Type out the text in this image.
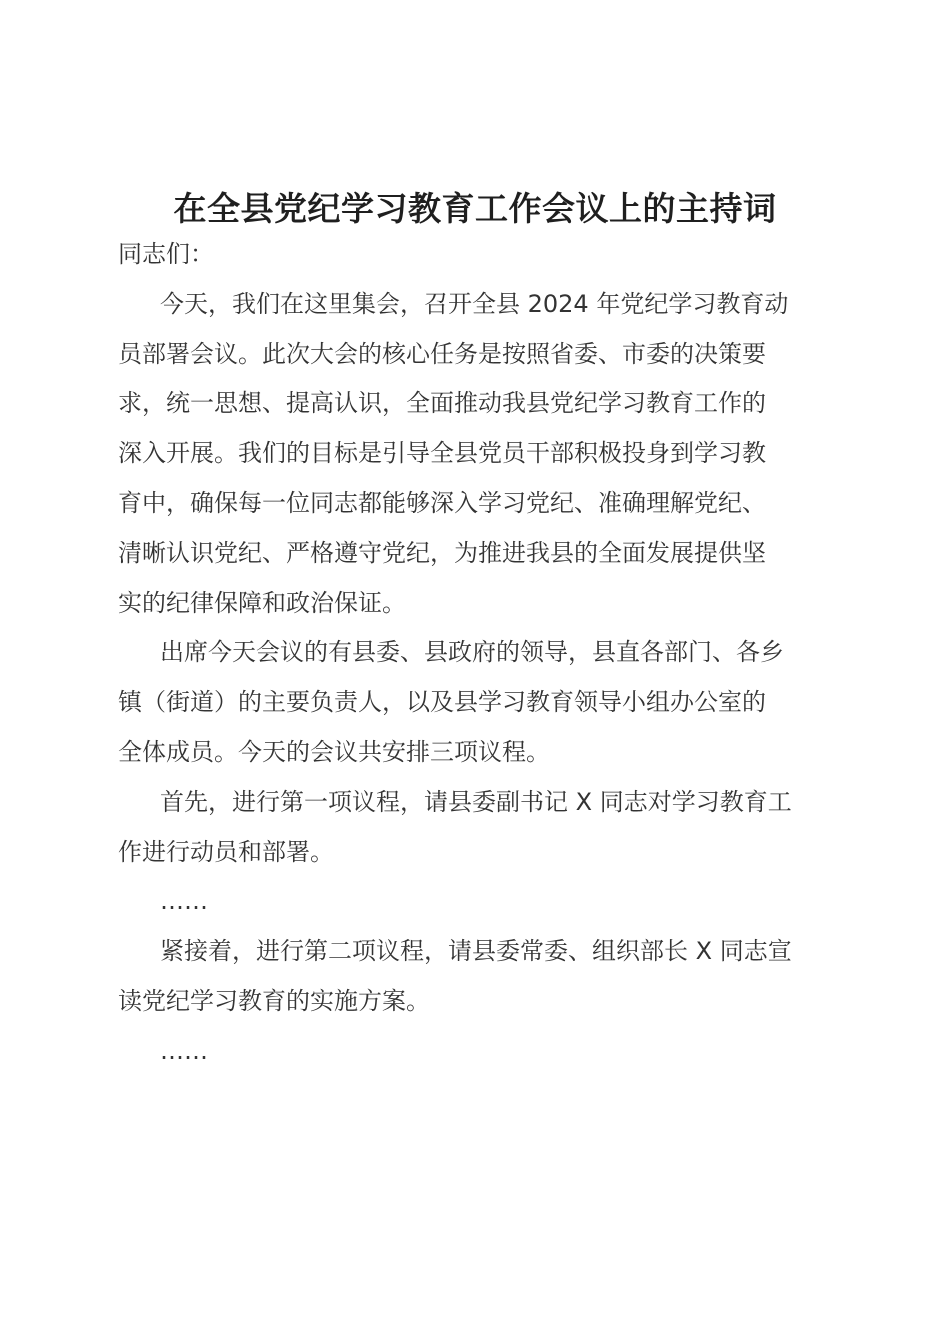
在全县党纪学习教育工作会议上的主持词

同志们：

今天，我们在这里集会，召开全县 2024 年党纪学习教育动
员部署会议。此次大会的核心任务是按照省委、市委的决策要
求，统一思想、提高认识，全面推动我县党纪学习教育工作的
深入开展。我们的目标是引导全县党员干部积极投身到学习教
育中，确保每一位同志都能够深入学习党纪、准确理解党纪、
清晰认识党纪、严格遵守党纪，为推进我县的全面发展提供坚
实的纪律保障和政治保证。

出席今天会议的有县委、县政府的领导，县直各部门、各乡
镇（街道）的主要负责人，以及县学习教育领导小组办公室的
全体成员。今天的会议共安排三项议程。

首先，进行第一项议程，请县委副书记 X 同志对学习教育工
作进行动员和部署。

……

紧接着，进行第二项议程，请县委常委、组织部长 X 同志宣
读党纪学习教育的实施方案。

……
